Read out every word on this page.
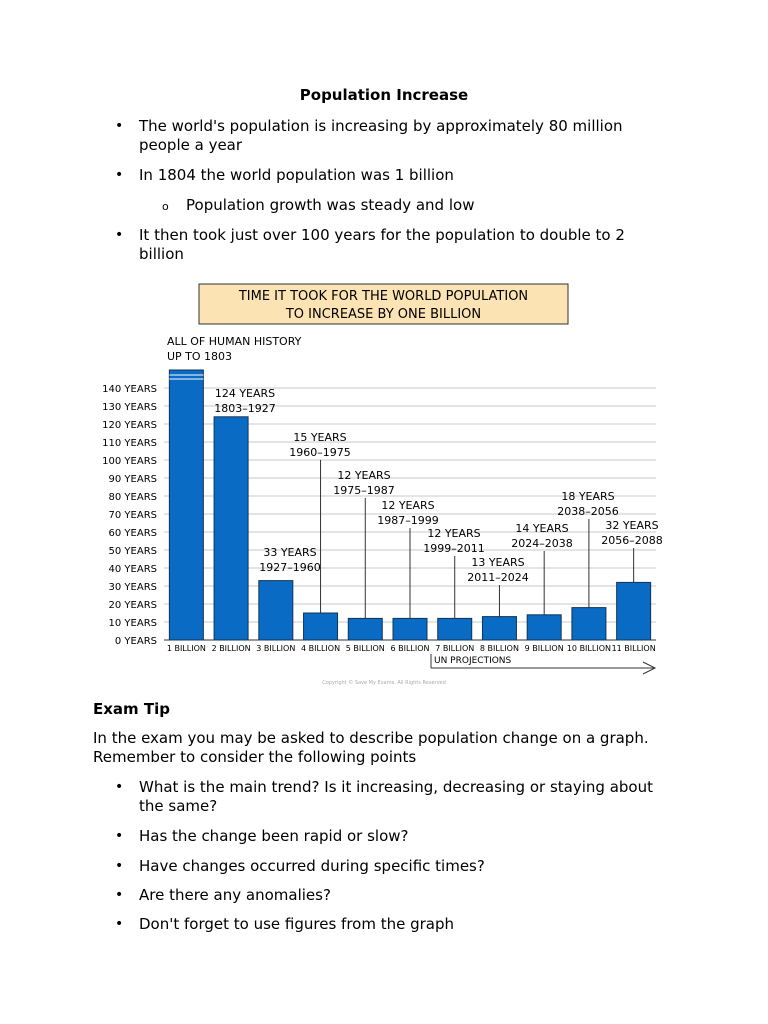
Population Increase
• The world's population is increasing by approximately 80 million people a year
• In 1804 the world population was 1 billion
o Population growth was steady and low
• It then took just over 100 years for the population to double to 2 billion
TIME IT TOOK FOR THE WORLD POPULATION
TO INCREASE BY ONE BILLION
0 YEARS
10 YEARS
20 YEARS
30 YEARS
40 YEARS
50 YEARS
60 YEARS
70 YEARS
80 YEARS
90 YEARS
100 YEARS
110 YEARS
120 YEARS
130 YEARS
140 YEARS
1 BILLION 2 BILLION 3 BILLION 4 BILLION 5 BILLION 6 BILLION 7 BILLION 8 BILLION 9 BILLION 10 BILLION 11 BILLION
ALL OF HUMAN HISTORY
UP TO 1803
124 YEARS
1803–1927
33 YEARS
1927–1960
15 YEARS
1960–1975
12 YEARS
1975–1987
12 YEARS
1987–1999
12 YEARS
1999–2011
13 YEARS
2011–2024
14 YEARS
2024–2038
18 YEARS
2038–2056
32 YEARS
2056–2088
UN PROJECTIONS
Copyright © Save My Exams. All Rights Reserved
Exam Tip
In the exam you may be asked to describe population change on a graph. Remember to consider the following points
• What is the main trend? Is it increasing, decreasing or staying about the same?
• Has the change been rapid or slow?
• Have changes occurred during specific times?
• Are there any anomalies?
• Don't forget to use figures from the graph
